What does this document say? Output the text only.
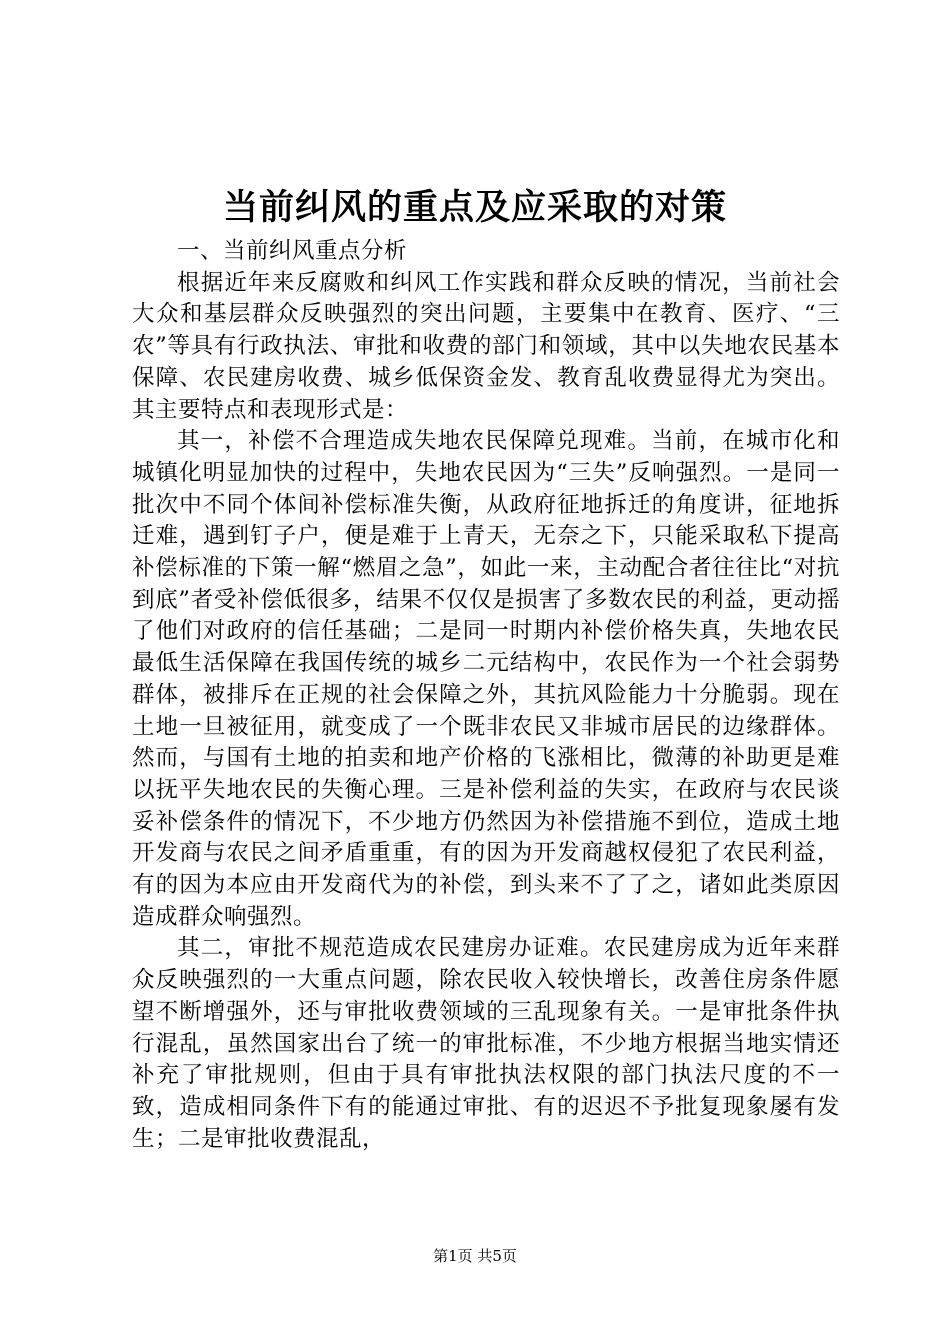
当前纠风的重点及应采取的对策

一、当前纠风重点分析

根据近年来反腐败和纠风工作实践和群众反映的情况，当前社会大众和基层群众反映强烈的突出问题，主要集中在教育、医疗、“三农”等具有行政执法、审批和收费的部门和领域，其中以失地农民基本保障、农民建房收费、城乡低保资金发、教育乱收费显得尤为突出。其主要特点和表现形式是：

其一，补偿不合理造成失地农民保障兑现难。当前，在城市化和城镇化明显加快的过程中，失地农民因为“三失”反响强烈。一是同一批次中不同个体间补偿标准失衡，从政府征地拆迁的角度讲，征地拆迁难，遇到钉子户，便是难于上青天，无奈之下，只能采取私下提高补偿标准的下策一解“燃眉之急”，如此一来，主动配合者往往比“对抗到底”者受补偿低很多，结果不仅仅是损害了多数农民的利益，更动摇了他们对政府的信任基础；二是同一时期内补偿价格失真，失地农民最低生活保障在我国传统的城乡二元结构中，农民作为一个社会弱势群体，被排斥在正规的社会保障之外，其抗风险能力十分脆弱。现在土地一旦被征用，就变成了一个既非农民又非城市居民的边缘群体。然而，与国有土地的拍卖和地产价格的飞涨相比，微薄的补助更是难以抚平失地农民的失衡心理。三是补偿利益的失实，在政府与农民谈妥补偿条件的情况下，不少地方仍然因为补偿措施不到位，造成土地开发商与农民之间矛盾重重，有的因为开发商越权侵犯了农民利益，有的因为本应由开发商代为的补偿，到头来不了了之，诸如此类原因造成群众响强烈。

其二，审批不规范造成农民建房办证难。农民建房成为近年来群众反映强烈的一大重点问题，除农民收入较快增长，改善住房条件愿望不断增强外，还与审批收费领域的三乱现象有关。一是审批条件执行混乱，虽然国家出台了统一的审批标准，不少地方根据当地实情还补充了审批规则，但由于具有审批执法权限的部门执法尺度的不一致，造成相同条件下有的能通过审批、有的迟迟不予批复现象屡有发生；二是审批收费混乱，

第1页 共5页
